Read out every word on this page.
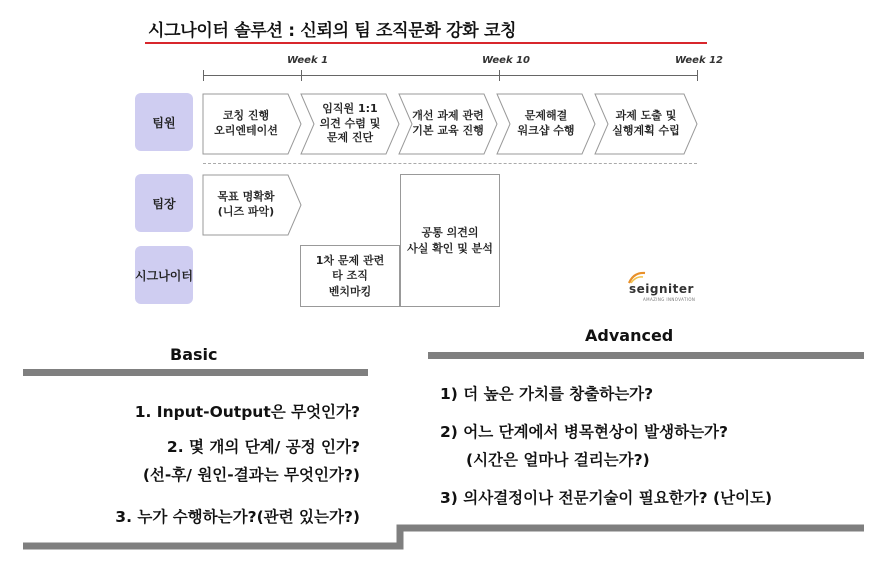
시그나이터 솔루션 : 신뢰의 팀 조직문화 강화 코칭
Week 1	Week 10	Week 12
팀원
팀장
시그나이터
코칭 진행
오리엔테이션
임직원 1:1
의견 수렴 및
문제 진단
개선 과제 관련
기본 교육 진행
문제해결
워크샵 수행
과제 도출 및
실행계획 수립
목표 명확화
(니즈 파악)
1차 문제 관련
타 조직
벤치마킹
공통 의견의
사실 확인 및 분석
seigniter
AMAZING INNOVATION
Basic
Advanced
1. Input-Output은 무엇인가?
2. 몇 개의 단계/ 공정 인가?
(선-후/ 원인-결과는 무엇인가?)
3. 누가 수행하는가?(관련 있는가?)
1) 더 높은 가치를 창출하는가?
2) 어느 단계에서 병목현상이 발생하는가?
(시간은 얼마나 걸리는가?)
3) 의사결정이나 전문기술이 필요한가? (난이도)
